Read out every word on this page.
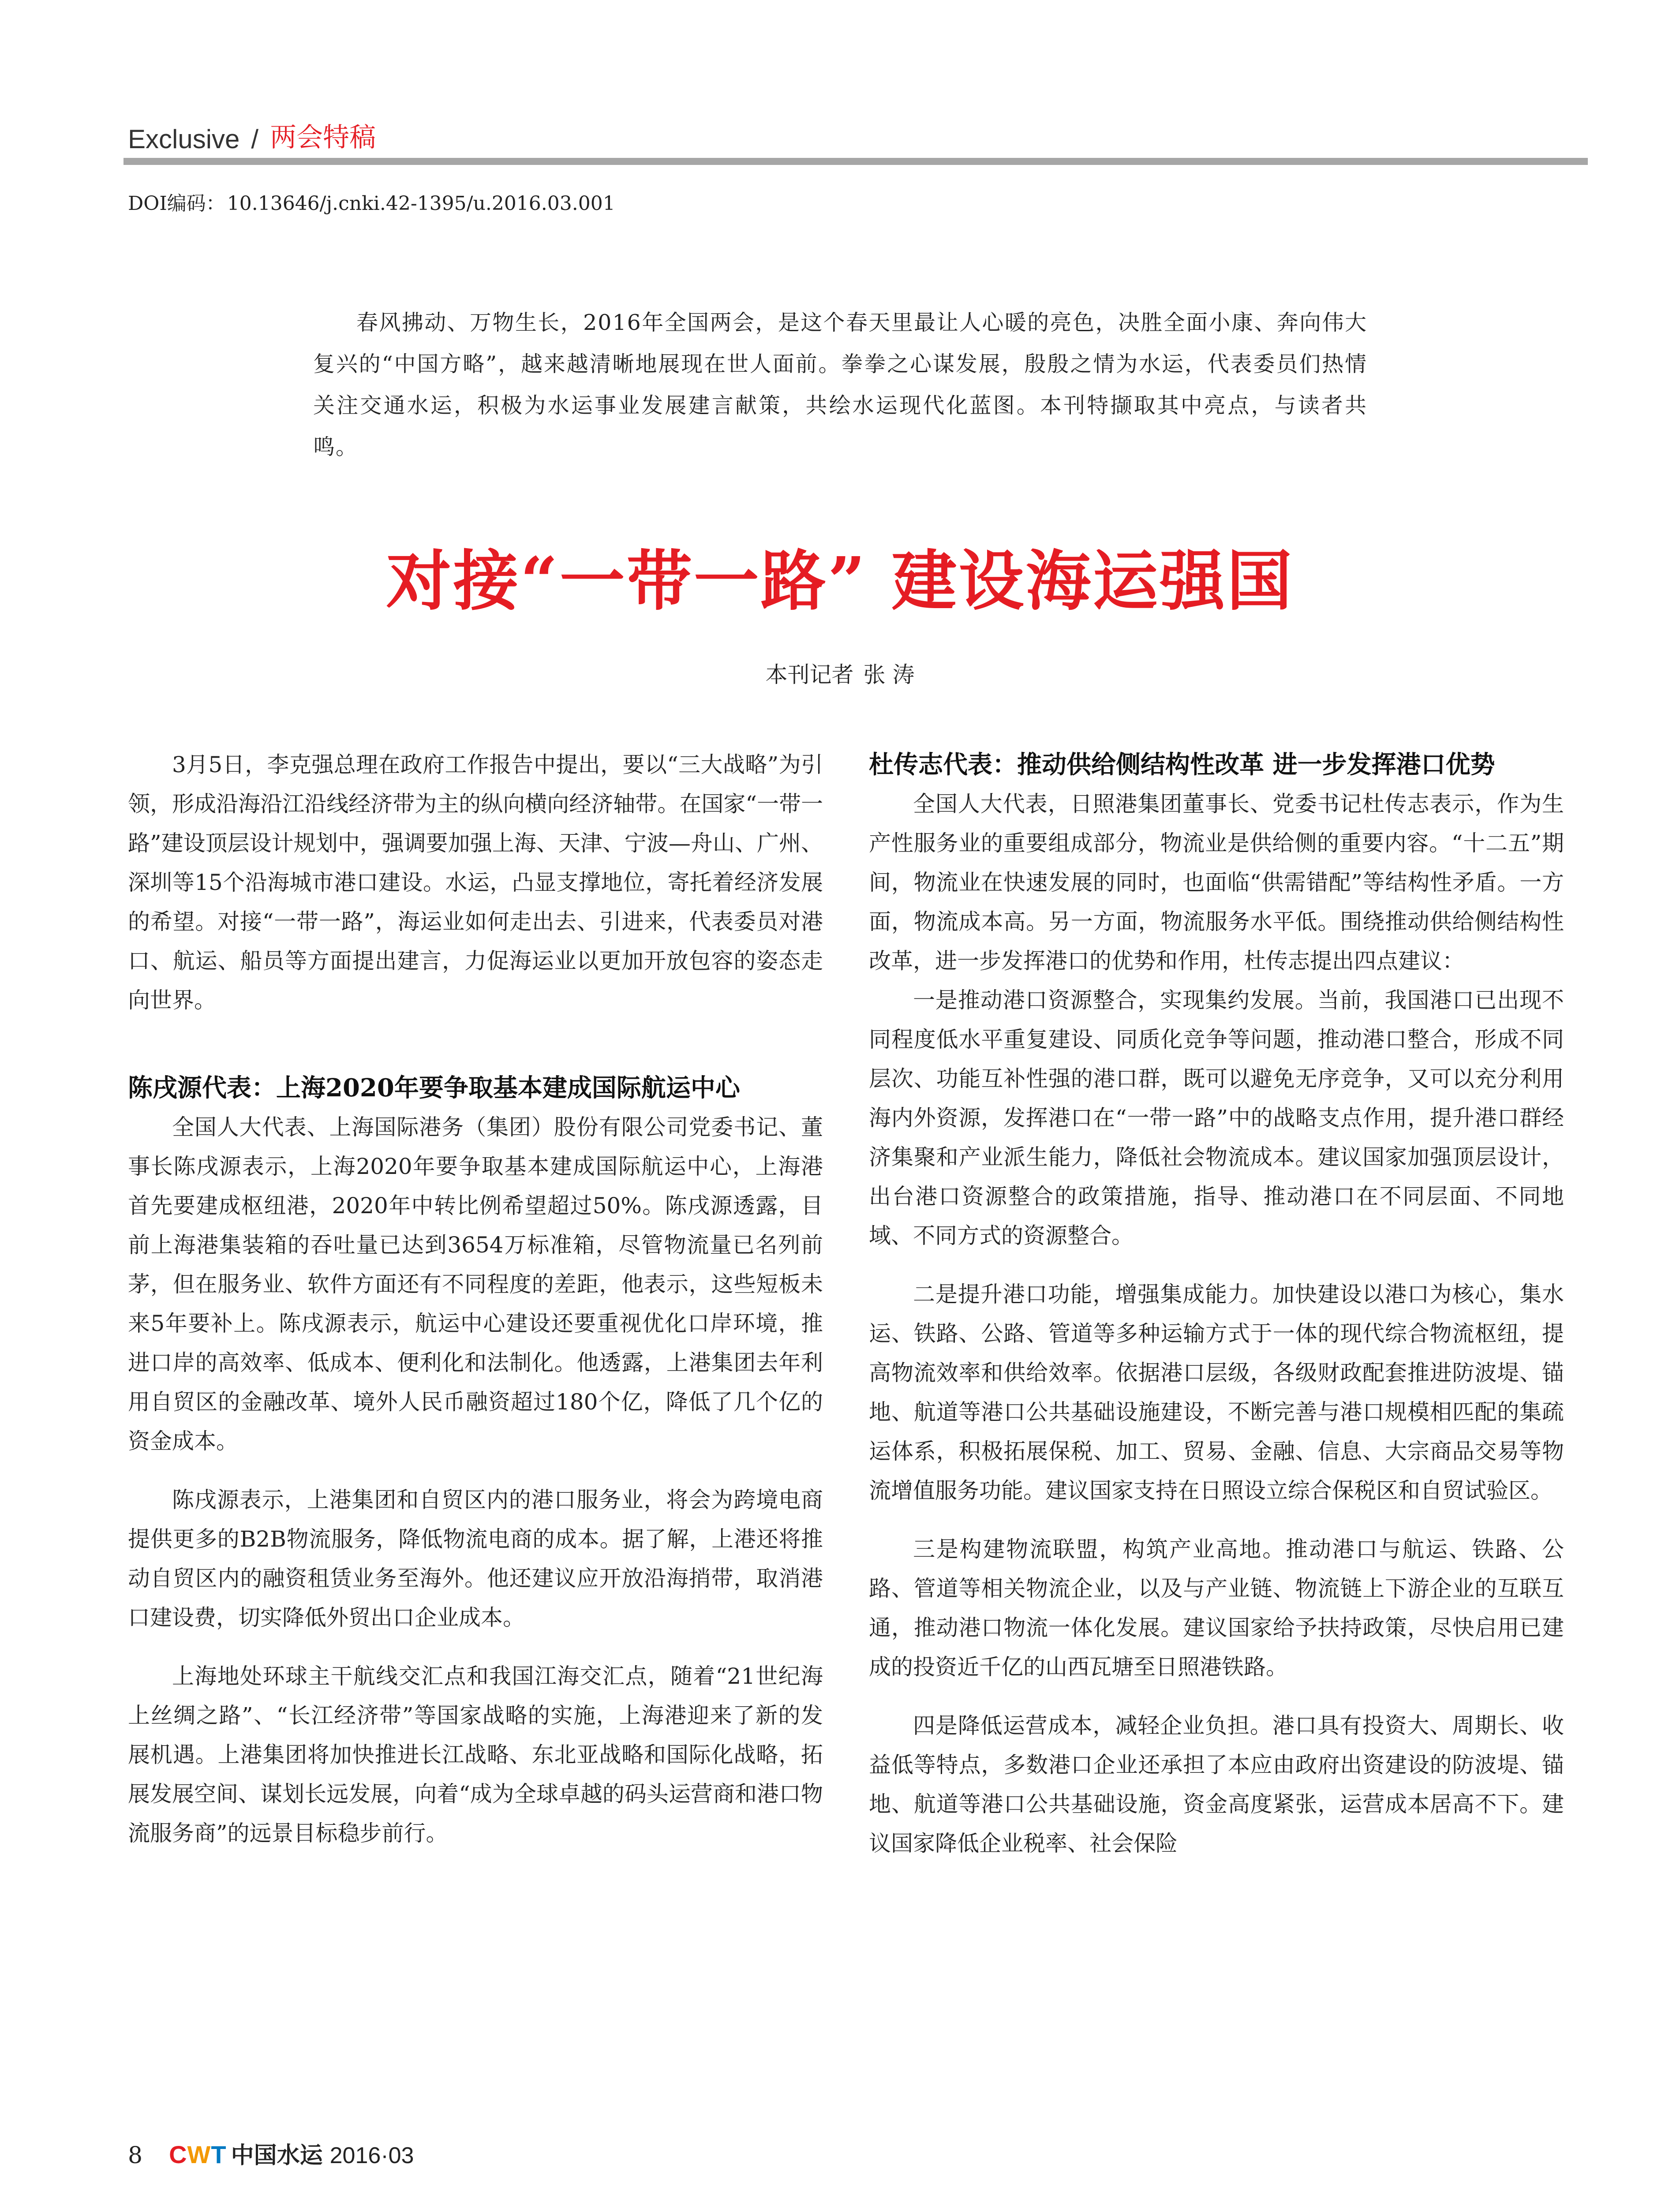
Exclusive / 两会特稿
DOI编码：10.13646/j.cnki.42-1395/u.2016.03.001
春风拂动、万物生长，2016年全国两会，是这个春天里最让人心暖的亮色，决胜全面小康、奔向伟大复兴的“中国方略”，越来越清晰地展现在世人面前。拳拳之心谋发展，殷殷之情为水运，代表委员们热情关注交通水运，积极为水运事业发展建言献策，共绘水运现代化蓝图。本刊特撷取其中亮点，与读者共鸣。
对接“一带一路” 建设海运强国
本刊记者 张 涛

3月5日，李克强总理在政府工作报告中提出，要以“三大战略”为引领，形成沿海沿江沿线经济带为主的纵向横向经济轴带。在国家“一带一路”建设顶层设计规划中，强调要加强上海、天津、宁波—舟山、广州、深圳等15个沿海城市港口建设。水运，凸显支撑地位，寄托着经济发展的希望。对接“一带一路”，海运业如何走出去、引进来，代表委员对港口、航运、船员等方面提出建言，力促海运业以更加开放包容的姿态走向世界。

陈戌源代表：上海2020年要争取基本建成国际航运中心

全国人大代表、上海国际港务（集团）股份有限公司党委书记、董事长陈戌源表示，上海2020年要争取基本建成国际航运中心，上海港首先要建成枢纽港，2020年中转比例希望超过50%。陈戌源透露，目前上海港集装箱的吞吐量已达到3654万标准箱，尽管物流量已名列前茅，但在服务业、软件方面还有不同程度的差距，他表示，这些短板未来5年要补上。陈戌源表示，航运中心建设还要重视优化口岸环境，推进口岸的高效率、低成本、便利化和法制化。他透露，上港集团去年利用自贸区的金融改革、境外人民币融资超过180个亿，降低了几个亿的资金成本。

陈戌源表示，上港集团和自贸区内的港口服务业，将会为跨境电商提供更多的B2B物流服务，降低物流电商的成本。据了解，上港还将推动自贸区内的融资租赁业务至海外。他还建议应开放沿海捎带，取消港口建设费，切实降低外贸出口企业成本。

上海地处环球主干航线交汇点和我国江海交汇点，随着“21世纪海上丝绸之路”、“长江经济带”等国家战略的实施，上海港迎来了新的发展机遇。上港集团将加快推进长江战略、东北亚战略和国际化战略，拓展发展空间、谋划长远发展，向着“成为全球卓越的码头运营商和港口物流服务商”的远景目标稳步前行。

杜传志代表：推动供给侧结构性改革 进一步发挥港口优势

全国人大代表，日照港集团董事长、党委书记杜传志表示，作为生产性服务业的重要组成部分，物流业是供给侧的重要内容。“十二五”期间，物流业在快速发展的同时，也面临“供需错配”等结构性矛盾。一方面，物流成本高。另一方面，物流服务水平低。围绕推动供给侧结构性改革，进一步发挥港口的优势和作用，杜传志提出四点建议：

一是推动港口资源整合，实现集约发展。当前，我国港口已出现不同程度低水平重复建设、同质化竞争等问题，推动港口整合，形成不同层次、功能互补性强的港口群，既可以避免无序竞争，又可以充分利用海内外资源，发挥港口在“一带一路”中的战略支点作用，提升港口群经济集聚和产业派生能力，降低社会物流成本。建议国家加强顶层设计，出台港口资源整合的政策措施，指导、推动港口在不同层面、不同地域、不同方式的资源整合。

二是提升港口功能，增强集成能力。加快建设以港口为核心，集水运、铁路、公路、管道等多种运输方式于一体的现代综合物流枢纽，提高物流效率和供给效率。依据港口层级，各级财政配套推进防波堤、锚地、航道等港口公共基础设施建设，不断完善与港口规模相匹配的集疏运体系，积极拓展保税、加工、贸易、金融、信息、大宗商品交易等物流增值服务功能。建议国家支持在日照设立综合保税区和自贸试验区。

三是构建物流联盟，构筑产业高地。推动港口与航运、铁路、公路、管道等相关物流企业，以及与产业链、物流链上下游企业的互联互通，推动港口物流一体化发展。建议国家给予扶持政策，尽快启用已建成的投资近千亿的山西瓦塘至日照港铁路。

四是降低运营成本，减轻企业负担。港口具有投资大、周期长、收益低等特点，多数港口企业还承担了本应由政府出资建设的防波堤、锚地、航道等港口公共基础设施，资金高度紧张，运营成本居高不下。建议国家降低企业税率、社会保险

8 CWT 中国水运 2016·03
